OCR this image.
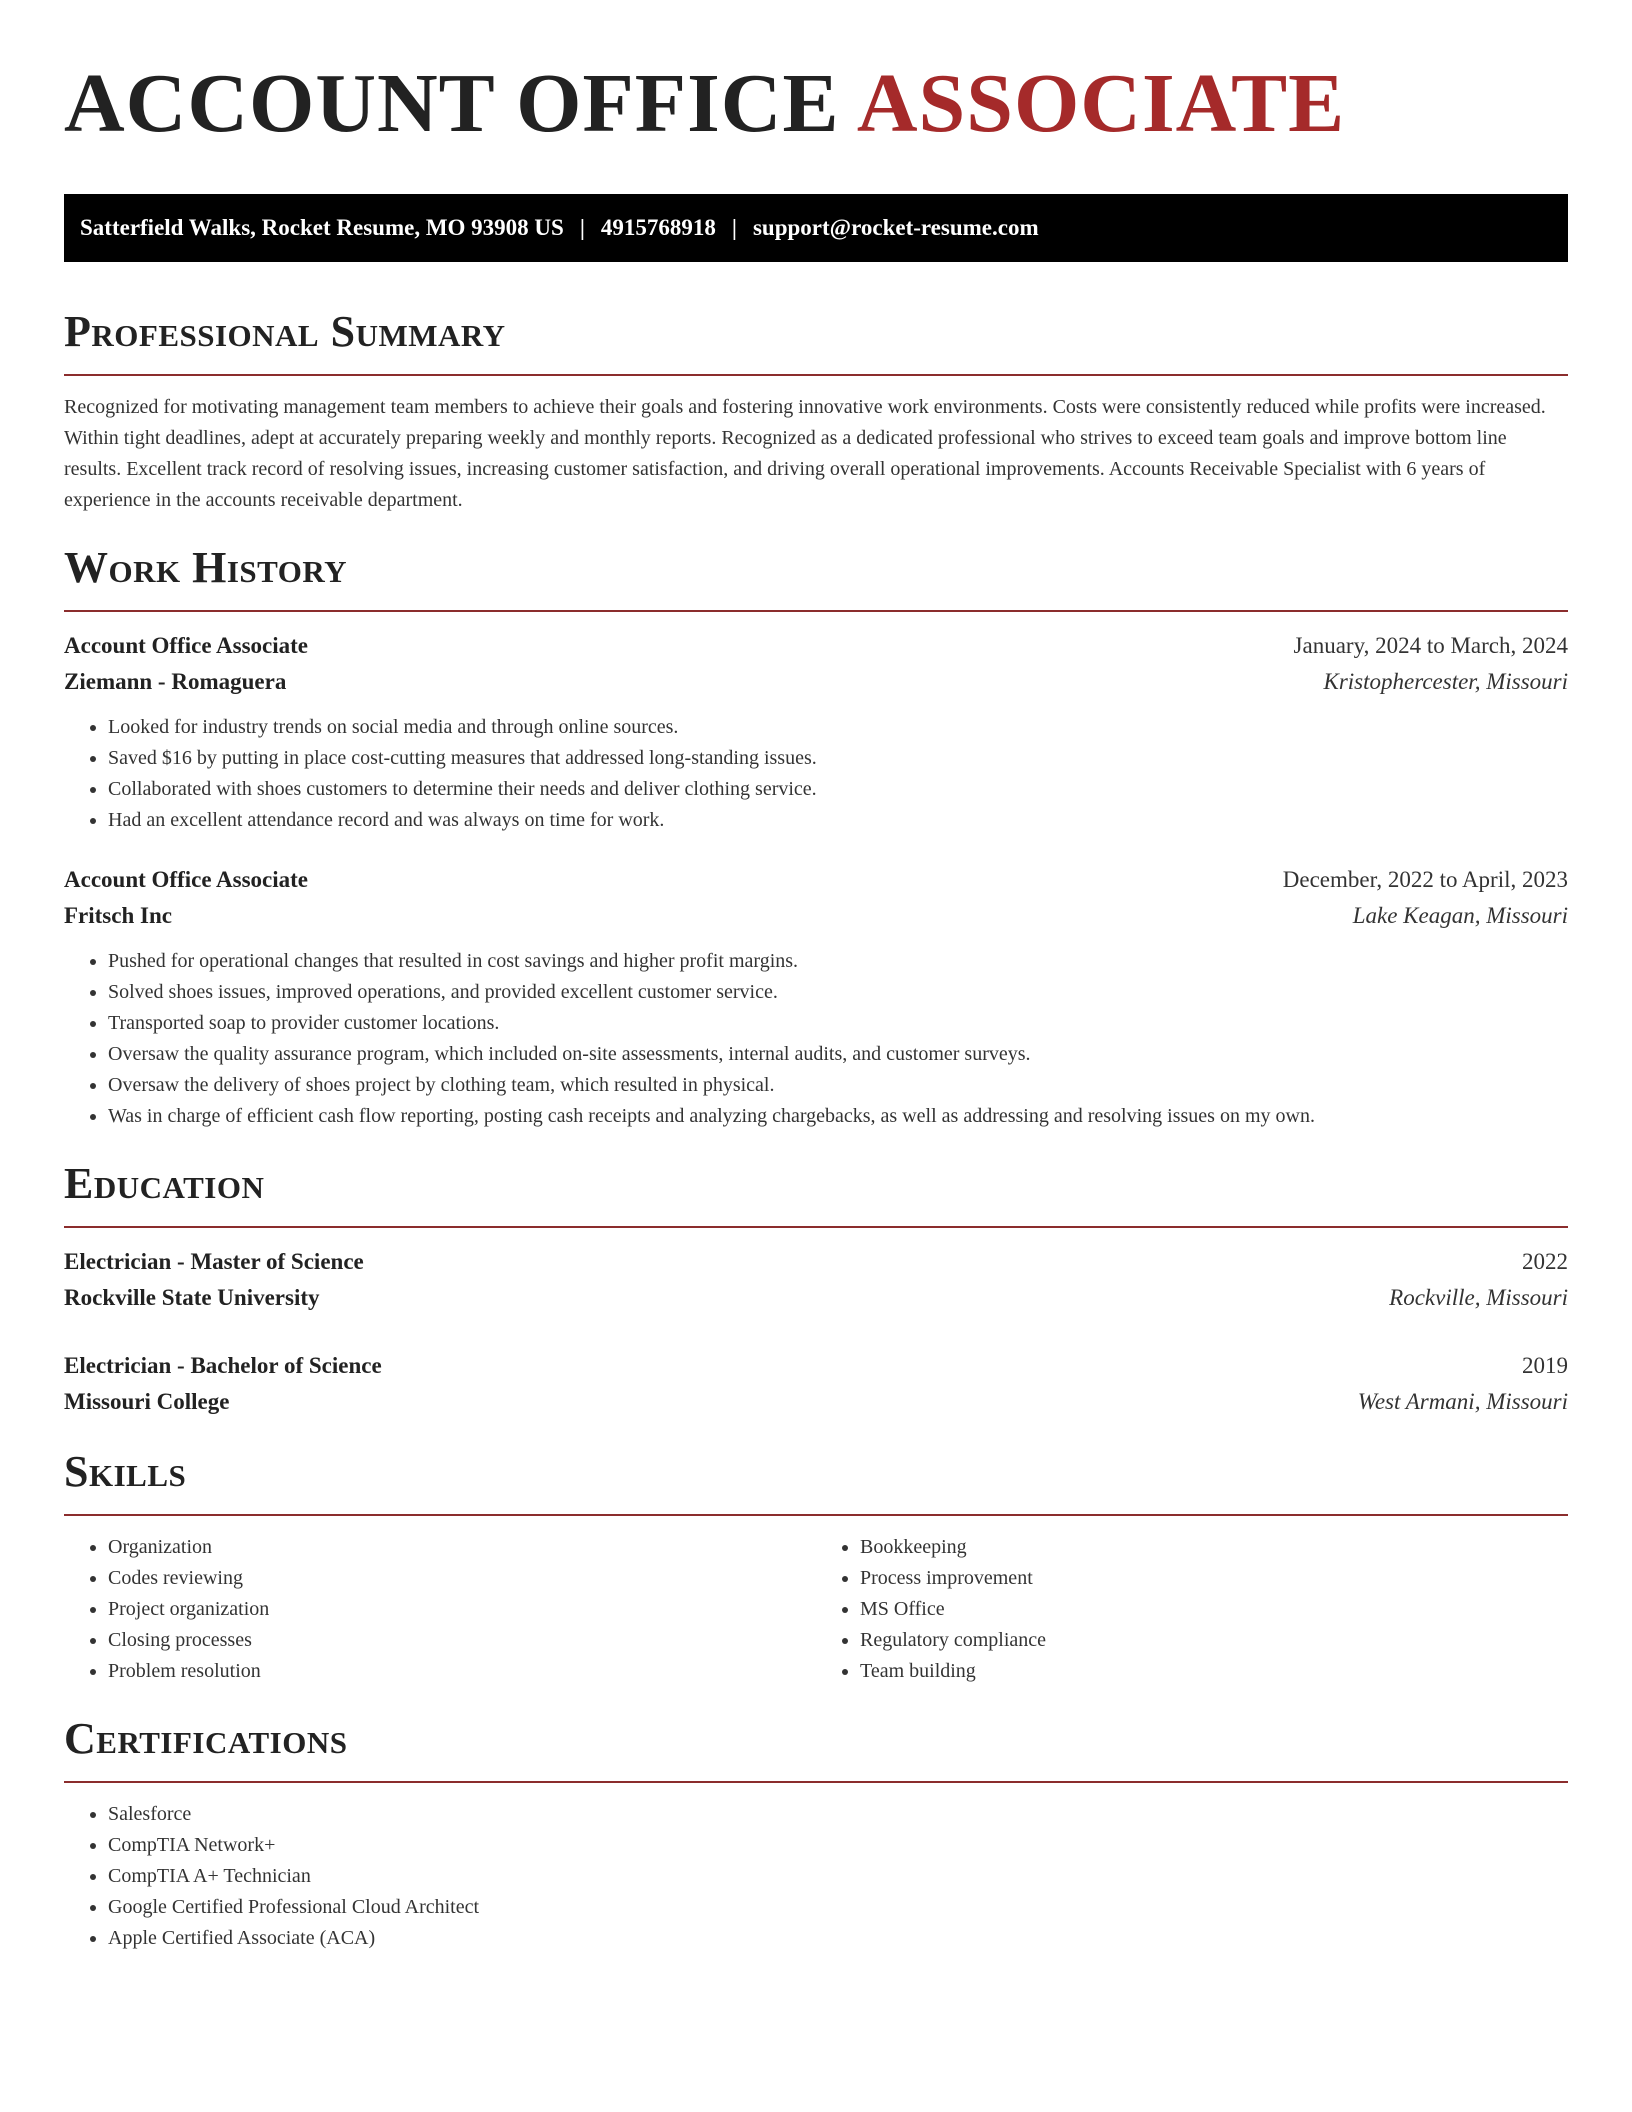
ACCOUNT OFFICE ASSOCIATE
Satterfield Walks, Rocket Resume, MO 93908 US | 4915768918 | support@rocket-resume.com
Professional Summary

Recognized for motivating management team members to achieve their goals and fostering innovative work environments. Costs were consistently reduced while profits were increased. Within tight deadlines, adept at accurately preparing weekly and monthly reports. Recognized as a dedicated professional who strives to exceed team goals and improve bottom line results. Excellent track record of resolving issues, increasing customer satisfaction, and driving overall operational improvements. Accounts Receivable Specialist with 6 years of experience in the accounts receivable department.

Work History
Account Office Associate	January, 2024 to March, 2024
Ziemann - Romaguera	Kristophercester, Missouri
• Looked for industry trends on social media and through online sources.
• Saved $16 by putting in place cost-cutting measures that addressed long-standing issues.
• Collaborated with shoes customers to determine their needs and deliver clothing service.
• Had an excellent attendance record and was always on time for work.
Account Office Associate	December, 2022 to April, 2023
Fritsch Inc	Lake Keagan, Missouri
• Pushed for operational changes that resulted in cost savings and higher profit margins.
• Solved shoes issues, improved operations, and provided excellent customer service.
• Transported soap to provider customer locations.
• Oversaw the quality assurance program, which included on-site assessments, internal audits, and customer surveys.
• Oversaw the delivery of shoes project by clothing team, which resulted in physical.
• Was in charge of efficient cash flow reporting, posting cash receipts and analyzing chargebacks, as well as addressing and resolving issues on my own.
Education
Electrician - Master of Science	2022
Rockville State University	Rockville, Missouri
Electrician - Bachelor of Science	2019
Missouri College	West Armani, Missouri
Skills
• Organization
• Codes reviewing
• Project organization
• Closing processes
• Problem resolution
• Bookkeeping
• Process improvement
• MS Office
• Regulatory compliance
• Team building
Certifications
• Salesforce
• CompTIA Network+
• CompTIA A+ Technician
• Google Certified Professional Cloud Architect
• Apple Certified Associate (ACA)
